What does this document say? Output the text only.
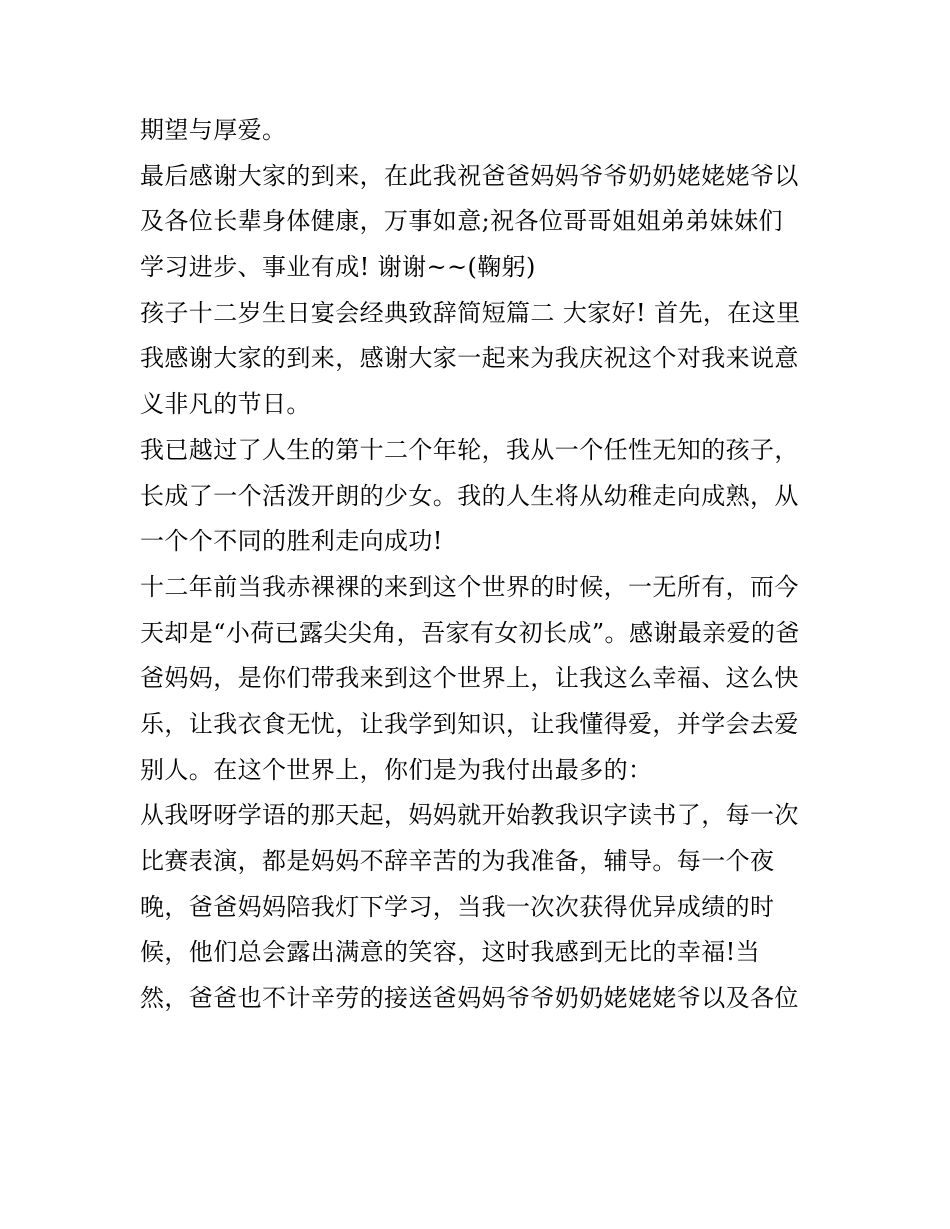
期望与厚爱。
最后感谢大家的到来，在此我祝爸爸妈妈爷爷奶奶姥姥姥爷以
及各位长辈身体健康，万事如意;祝各位哥哥姐姐弟弟妹妹们
学习进步、事业有成! 谢谢~~(鞠躬)
孩子十二岁生日宴会经典致辞简短篇二 大家好! 首先，在这里
我感谢大家的到来，感谢大家一起来为我庆祝这个对我来说意
义非凡的节日。
我已越过了人生的第十二个年轮，我从一个任性无知的孩子，
长成了一个活泼开朗的少女。我的人生将从幼稚走向成熟，从
一个个不同的胜利走向成功!
十二年前当我赤裸裸的来到这个世界的时候，一无所有，而今
天却是“小荷已露尖尖角，吾家有女初长成”。感谢最亲爱的爸
爸妈妈，是你们带我来到这个世界上，让我这么幸福、这么快
乐，让我衣食无忧，让我学到知识，让我懂得爱，并学会去爱
别人。在这个世界上，你们是为我付出最多的：
从我呀呀学语的那天起，妈妈就开始教我识字读书了，每一次
比赛表演，都是妈妈不辞辛苦的为我准备，辅导。每一个夜
晚，爸爸妈妈陪我灯下学习，当我一次次获得优异成绩的时
候，他们总会露出满意的笑容，这时我感到无比的幸福!当
然，爸爸也不计辛劳的接送爸妈妈爷爷奶奶姥姥姥爷以及各位
